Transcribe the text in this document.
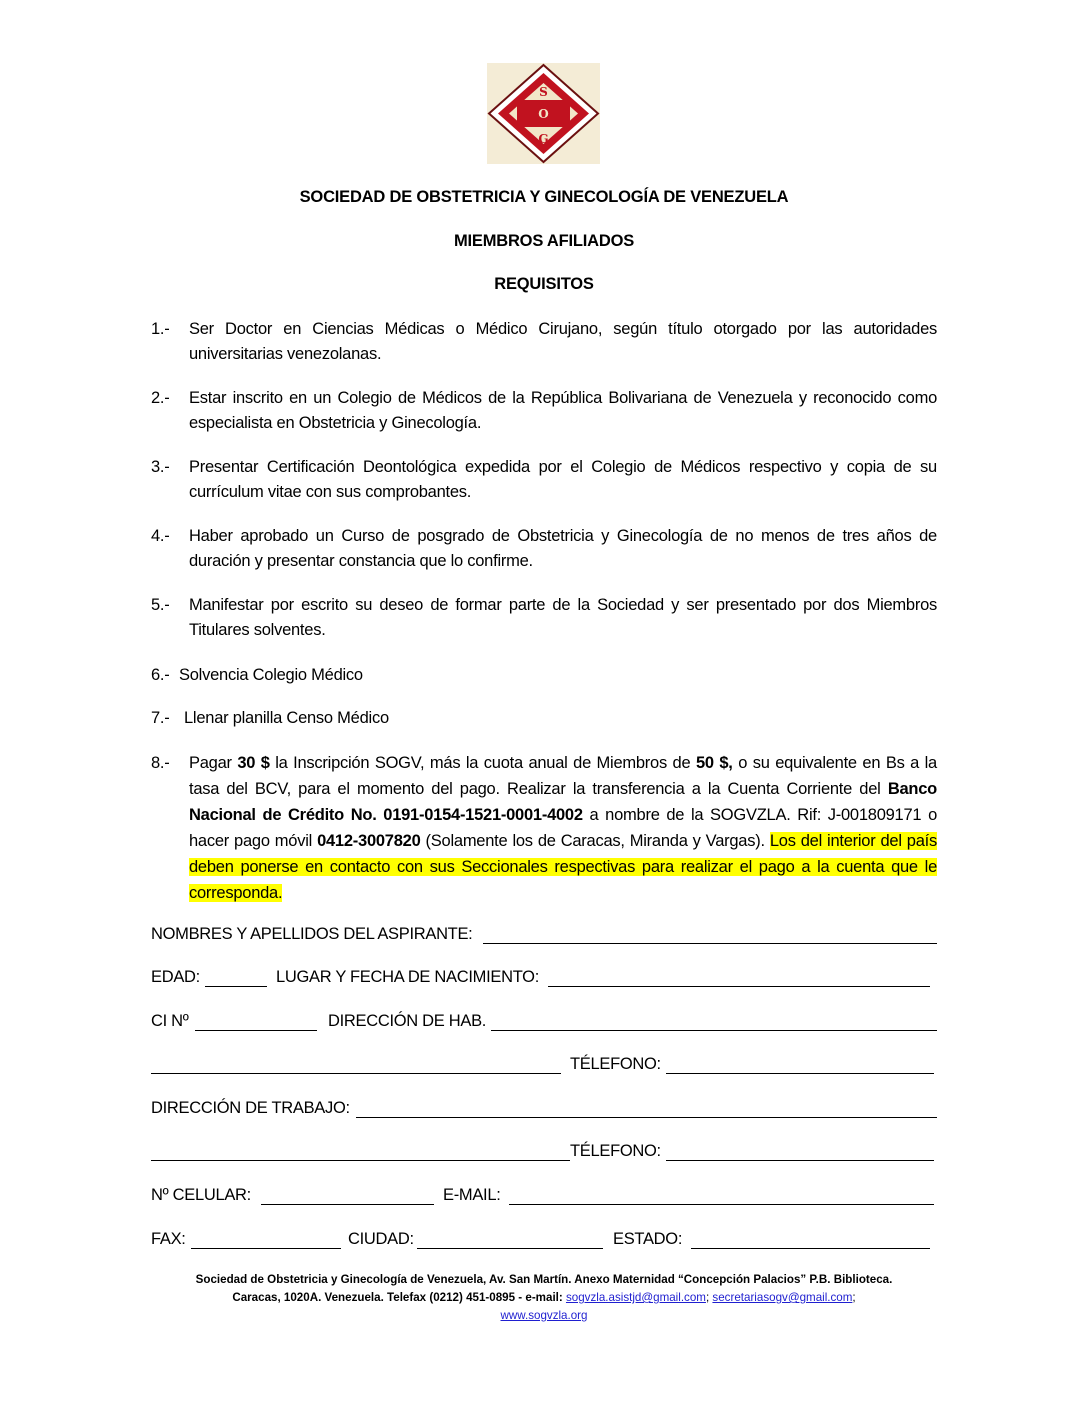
S
O
G
SOCIEDAD DE OBSTETRICIA Y GINECOLOGÍA DE VENEZUELA
MIEMBROS AFILIADOS
REQUISITOS
1.-	Ser Doctor en Ciencias Médicas o Médico Cirujano, según título otorgado por las autoridades universitarias venezolanas.
2.-	Estar inscrito en un Colegio de Médicos de la República Bolivariana de Venezuela y reconocido como especialista en Obstetricia y Ginecología.
3.-	Presentar Certificación Deontológica expedida por el Colegio de Médicos respectivo y copia de su currículum vitae con sus comprobantes.
4.-	Haber aprobado un Curso de posgrado de Obstetricia y Ginecología de no menos de tres años de duración y presentar constancia que lo confirme.
5.-	Manifestar por escrito su deseo de formar parte de la Sociedad y ser presentado por dos Miembros Titulares solventes.
6.- Solvencia Colegio Médico
7.- Llenar planilla Censo Médico
8.-	Pagar 30 $ la Inscripción SOGV, más la cuota anual de Miembros de 50 $, o su equivalente en Bs a la tasa del BCV, para el momento del pago. Realizar la transferencia a la Cuenta Corriente del Banco Nacional de Crédito No. 0191-0154-1521-0001-4002 a nombre de la SOGVZLA. Rif: J-001809171 o hacer pago móvil 0412-3007820 (Solamente los de Caracas, Miranda y Vargas). Los del interior del país deben ponerse en contacto con sus Seccionales respectivas para realizar el pago a la cuenta que le corresponda.
NOMBRES Y APELLIDOS DEL ASPIRANTE:
EDAD:	LUGAR Y FECHA DE NACIMIENTO:
CI Nº	DIRECCIÓN DE HAB.
TÉLEFONO:
DIRECCIÓN DE TRABAJO:
TÉLEFONO:
Nº CELULAR:	E-MAIL:
FAX:	CIUDAD:	ESTADO:
Sociedad de Obstetricia y Ginecología de Venezuela, Av. San Martín. Anexo Maternidad “Concepción Palacios” P.B. Biblioteca.
Caracas, 1020A. Venezuela. Telefax (0212) 451-0895 - e-mail: sogvzla.asistjd@gmail.com; secretariasogv@gmail.com;
www.sogvzla.org
